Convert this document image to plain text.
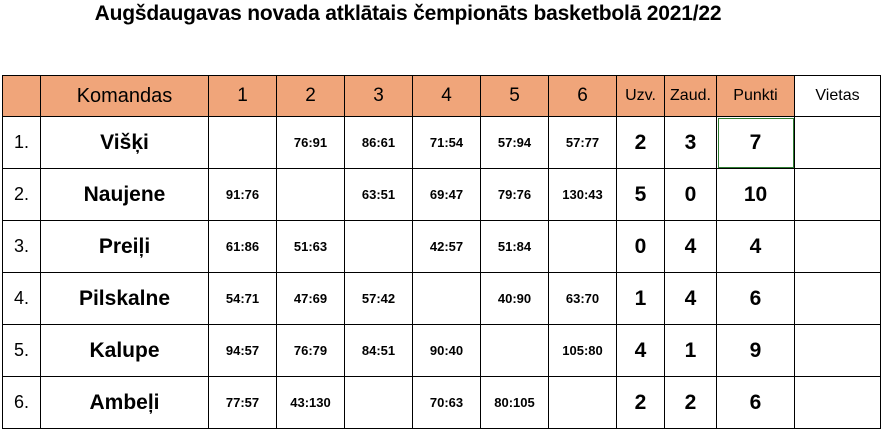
Augšdaugavas novada atklātais čempionāts basketbolā 2021/22
	Komandas	1	2	3	4	5	6	Uzv.	Zaud.	Punkti	Vietas
1.	Višķi		76:91	86:61	71:54	57:94	57:77	2	3	7	
2.	Naujene	91:76		63:51	69:47	79:76	130:43	5	0	10	
3.	Preiļi	61:86	51:63		42:57	51:84		0	4	4	
4.	Pilskalne	54:71	47:69	57:42		40:90	63:70	1	4	6	
5.	Kalupe	94:57	76:79	84:51	90:40		105:80	4	1	9	
6.	Ambeļi	77:57	43:130		70:63	80:105		2	2	6	
